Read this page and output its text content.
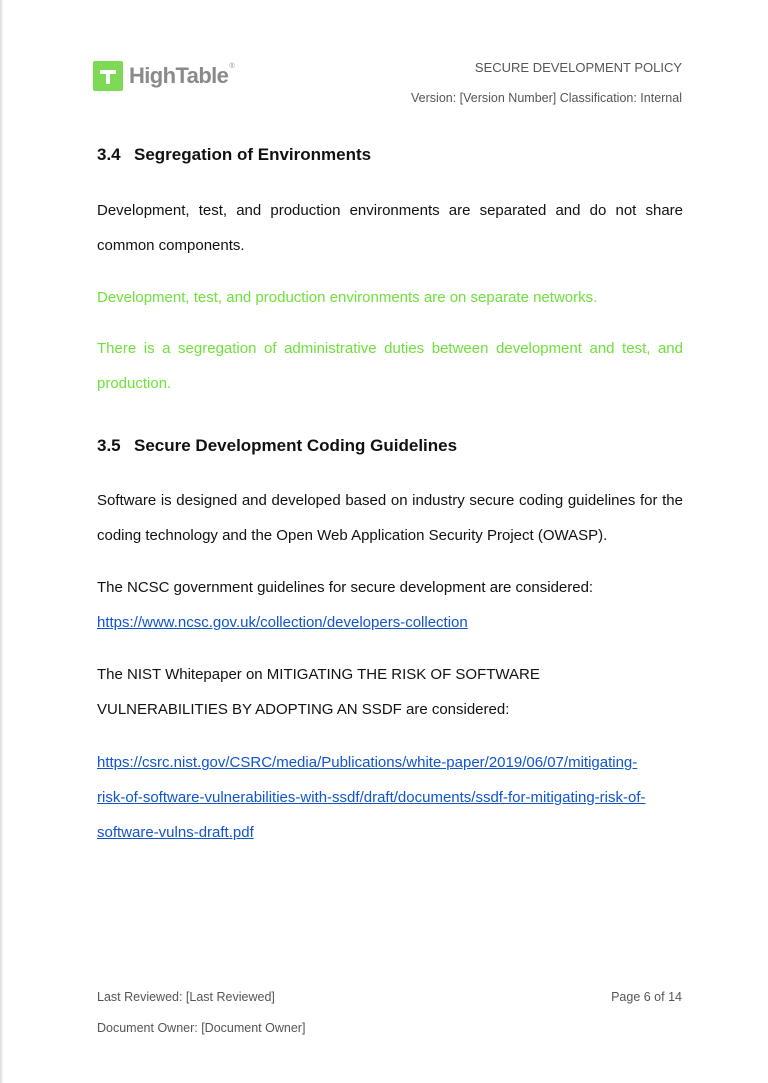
HighTable®	SECURE DEVELOPMENT POLICY
Version: [Version Number] Classification: Internal
3.4 Segregation of Environments
Development, test, and production environments are separated and do not share common components.
Development, test, and production environments are on separate networks.
There is a segregation of administrative duties between development and test, and production.
3.5 Secure Development Coding Guidelines
Software is designed and developed based on industry secure coding guidelines for the coding technology and the Open Web Application Security Project (OWASP).
The NCSC government guidelines for secure development are considered:
https://www.ncsc.gov.uk/collection/developers-collection
The NIST Whitepaper on MITIGATING THE RISK OF SOFTWARE
VULNERABILITIES BY ADOPTING AN SSDF are considered:
https://csrc.nist.gov/CSRC/media/Publications/white-paper/2019/06/07/mitigating-
risk-of-software-vulnerabilities-with-ssdf/draft/documents/ssdf-for-mitigating-risk-of-
software-vulns-draft.pdf
Last Reviewed: [Last Reviewed]	Page 6 of 14
Document Owner: [Document Owner]
